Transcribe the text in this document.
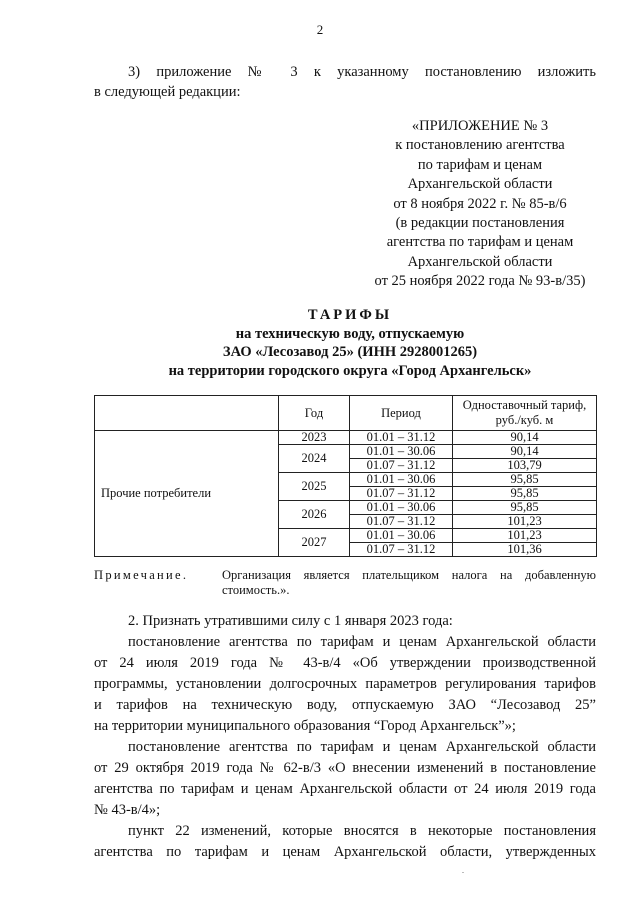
2

3) приложение № 3 к указанному постановлению изложить

в следующей редакции:

«ПРИЛОЖЕНИЕ № 3
к постановлению агентства
по тарифам и ценам
Архангельской области
от 8 ноября 2022 г. № 85-в/6
(в редакции постановления
агентства по тарифам и ценам
Архангельской области
от 25 ноября 2022 года № 93-в/35)
ТАРИФЫ
на техническую воду, отпускаемую
ЗАО «Лесозавод 25» (ИНН 2928001265)
на территории городского округа «Город Архангельск»
	Год	Период	Одноставочный тариф, руб./куб. м
Прочие потребители	2023	01.01 – 31.12	90,14
	2024	01.01 – 30.06	90,14
		01.07 – 31.12	103,79
	2025	01.01 – 30.06	95,85
		01.07 – 31.12	95,85
	2026	01.01 – 30.06	95,85
		01.07 – 31.12	101,23
	2027	01.01 – 30.06	101,23
		01.07 – 31.12	101,36
Примечание.	Организация является плательщиком налога на добавленную
стоимость.».

2. Признать утратившими силу с 1 января 2023 года:

постановление агентства по тарифам и ценам Архангельской области

от 24 июля 2019 года № 43-в/4 «Об утверждении производственной

программы, установлении долгосрочных параметров регулирования тарифов

и тарифов на техническую воду, отпускаемую ЗАО “Лесозавод 25”

на территории муниципального образования “Город Архангельск”»;

постановление агентства по тарифам и ценам Архангельской области

от 29 октября 2019 года № 62-в/3 «О внесении изменений в постановление

агентства по тарифам и ценам Архангельской области от 24 июля 2019 года

№ 43-в/4»;

пункт 22 изменений, которые вносятся в некоторые постановления

агентства по тарифам и ценам Архангельской области, утвержденных
